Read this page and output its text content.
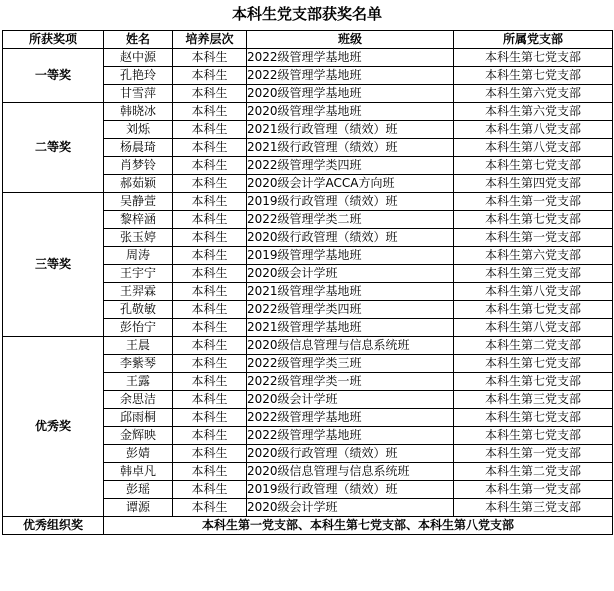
本科生党支部获奖名单
所获奖项	姓名	培养层次	班级	所属党支部
一等奖	赵中源	本科生	2022级管理学基地班	本科生第七党支部
	孔艳玲	本科生	2022级管理学基地班	本科生第七党支部
	甘雪萍	本科生	2020级管理学基地班	本科生第六党支部
二等奖	韩晓冰	本科生	2020级管理学基地班	本科生第六党支部
	刘烁	本科生	2021级行政管理（绩效）班	本科生第八党支部
	杨晨琦	本科生	2021级行政管理（绩效）班	本科生第八党支部
	肖梦铃	本科生	2022级管理学类四班	本科生第七党支部
	郝茹颖	本科生	2020级会计学ACCA方向班	本科生第四党支部
三等奖	吴静萱	本科生	2019级行政管理（绩效）班	本科生第一党支部
	黎梓涵	本科生	2022级管理学类二班	本科生第七党支部
	张玉婷	本科生	2020级行政管理（绩效）班	本科生第一党支部
	周涛	本科生	2019级管理学基地班	本科生第六党支部
	王宇宁	本科生	2020级会计学班	本科生第三党支部
	王羿霖	本科生	2021级管理学基地班	本科生第八党支部
	孔敬敏	本科生	2022级管理学类四班	本科生第七党支部
	彭怡宁	本科生	2021级管理学基地班	本科生第八党支部
优秀奖	王晨	本科生	2020级信息管理与信息系统班	本科生第二党支部
	李紫琴	本科生	2022级管理学类三班	本科生第七党支部
	王露	本科生	2022级管理学类一班	本科生第七党支部
	余思洁	本科生	2020级会计学班	本科生第三党支部
	邱雨桐	本科生	2022级管理学基地班	本科生第七党支部
	金辉映	本科生	2022级管理学基地班	本科生第七党支部
	彭婧	本科生	2020级行政管理（绩效）班	本科生第一党支部
	韩卓凡	本科生	2020级信息管理与信息系统班	本科生第二党支部
	彭瑶	本科生	2019级行政管理（绩效）班	本科生第一党支部
	谭源	本科生	2020级会计学班	本科生第三党支部
优秀组织奖	本科生第一党支部、本科生第七党支部、本科生第八党支部			
